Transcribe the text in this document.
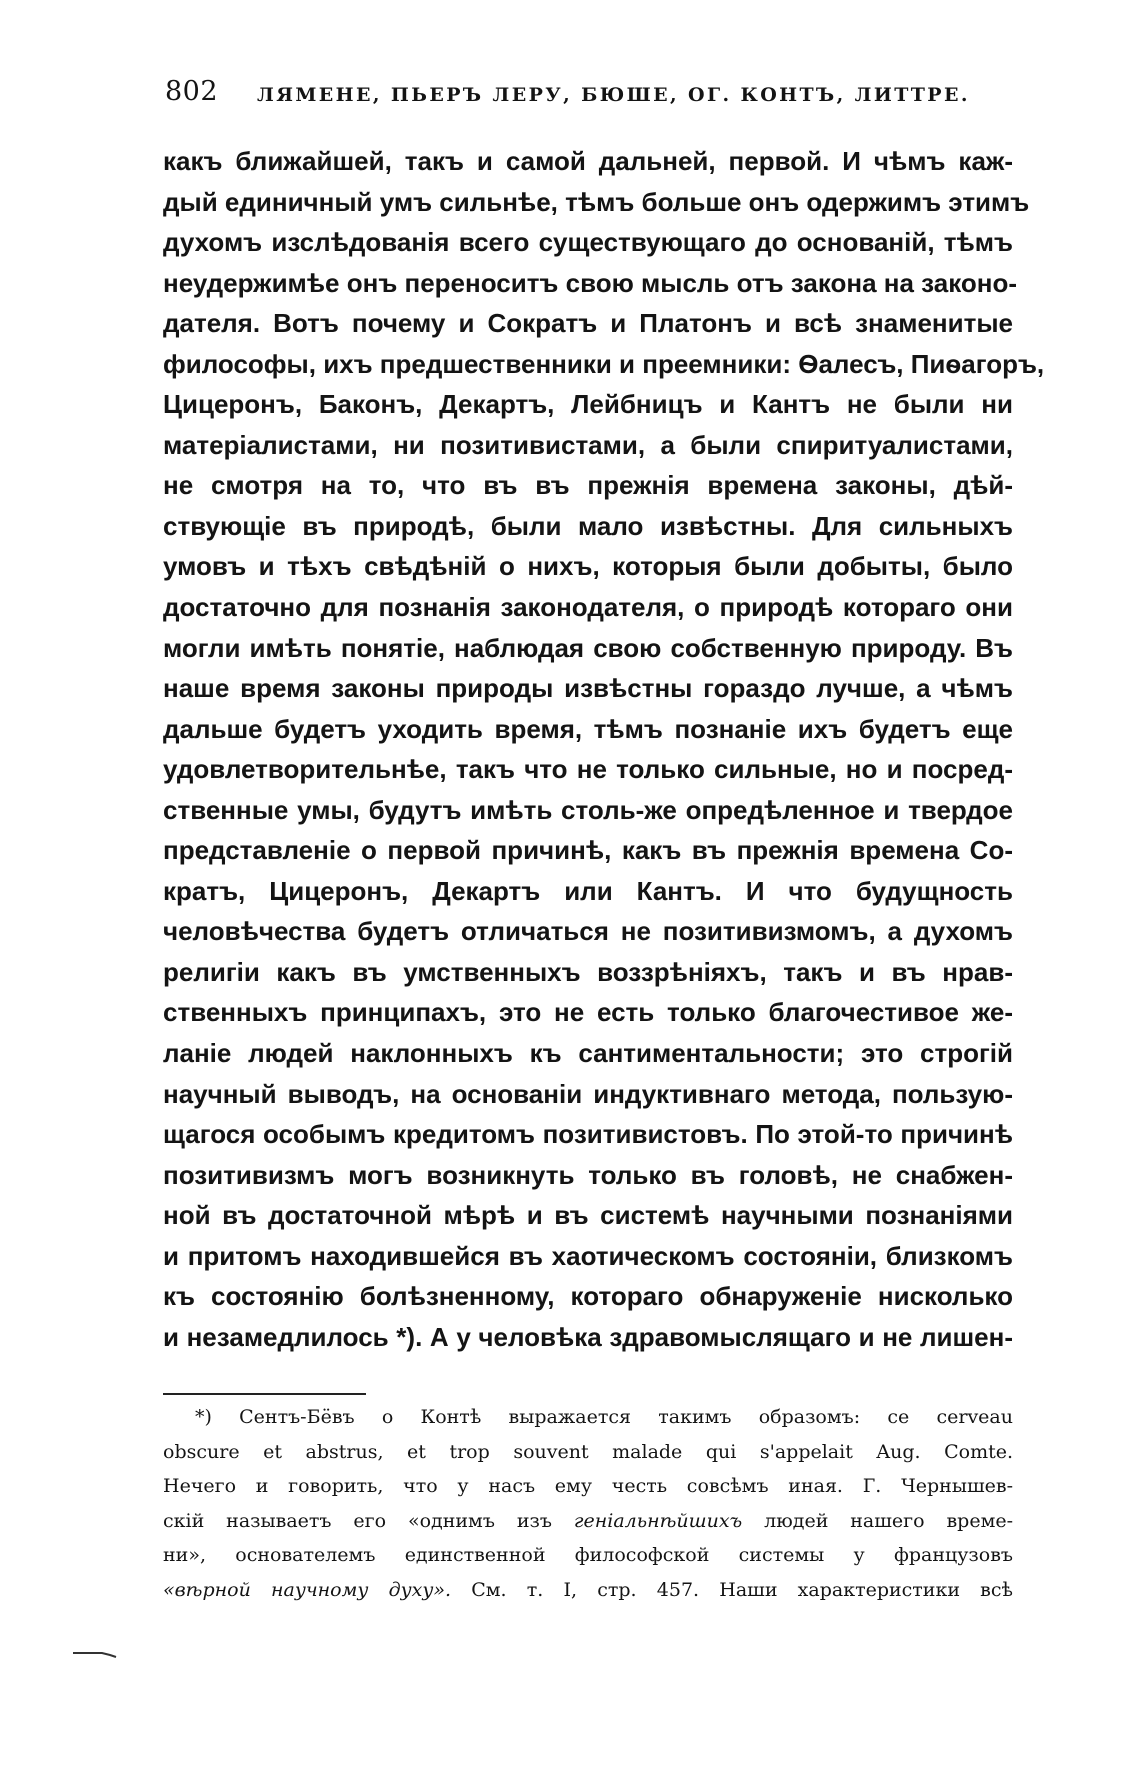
802 ЛЯМЕНЕ, ПЬЕРЪ ЛЕРУ, БЮШЕ, ОГ. КОНТЪ, ЛИТТРЕ.
какъ ближайшей, такъ и самой дальней, первой. И чѣмъ каж-
дый единичный умъ сильнѣе, тѣмъ больше онъ одержимъ этимъ
духомъ изслѣдованія всего существующаго до основаній, тѣмъ
неудержимѣе онъ переноситъ свою мысль отъ закона на законо-
дателя. Вотъ почему и Сократъ и Платонъ и всѣ знаменитые
философы, ихъ предшественники и преемники: Ѳалесъ, Пиѳагоръ,
Цицеронъ, Баконъ, Декартъ, Лейбницъ и Кантъ не были ни
матеріалистами, ни позитивистами, а были спиритуалистами,
не смотря на то, что въ въ прежнія времена законы, дѣй-
ствующіе въ природѣ, были мало извѣстны. Для сильныхъ
умовъ и тѣхъ свѣдѣній о нихъ, которыя были добыты, было
достаточно для познанія законодателя, о природѣ котораго они
могли имѣть понятіе, наблюдая свою собственную природу. Въ
наше время законы природы извѣстны гораздо лучше, а чѣмъ
дальше будетъ уходить время, тѣмъ познаніе ихъ будетъ еще
удовлетворительнѣе, такъ что не только сильные, но и посред-
ственные умы, будутъ имѣть столь-же опредѣленное и твердое
представленіе о первой причинѣ, какъ въ прежнія времена Со-
кратъ, Цицеронъ, Декартъ или Кантъ. И что будущность
человѣчества будетъ отличаться не позитивизмомъ, а духомъ
религіи какъ въ умственныхъ воззрѣніяхъ, такъ и въ нрав-
ственныхъ принципахъ, это не есть только благочестивое же-
ланіе людей наклонныхъ къ сантиментальности; это строгій
научный выводъ, на основаніи индуктивнаго метода, пользую-
щагося особымъ кредитомъ позитивистовъ. По этой-то причинѣ
позитивизмъ могъ возникнуть только въ головѣ, не снабжен-
ной въ достаточной мѣрѣ и въ системѣ научными познаніями
и притомъ находившейся въ хаотическомъ состояніи, близкомъ
къ состоянію болѣзненному, котораго обнаруженіе нисколько
и незамедлилось *). А у человѣка здравомыслящаго и не лишен-
*) Сентъ-Бёвъ о Контѣ выражается такимъ образомъ: ce cerveau
obscure et abstrus, et trop souvent malade qui s'appelait Aug. Comte.
Нечего и говорить, что у насъ ему честь совсѣмъ иная. Г. Чернышев-
скій называетъ его «однимъ изъ геніальнѣйшихъ людей нашего време-
ни», основателемъ единственной философской системы у французовъ
«вѣрной научному духу». См. т. I, стр. 457. Наши характеристики всѣ
